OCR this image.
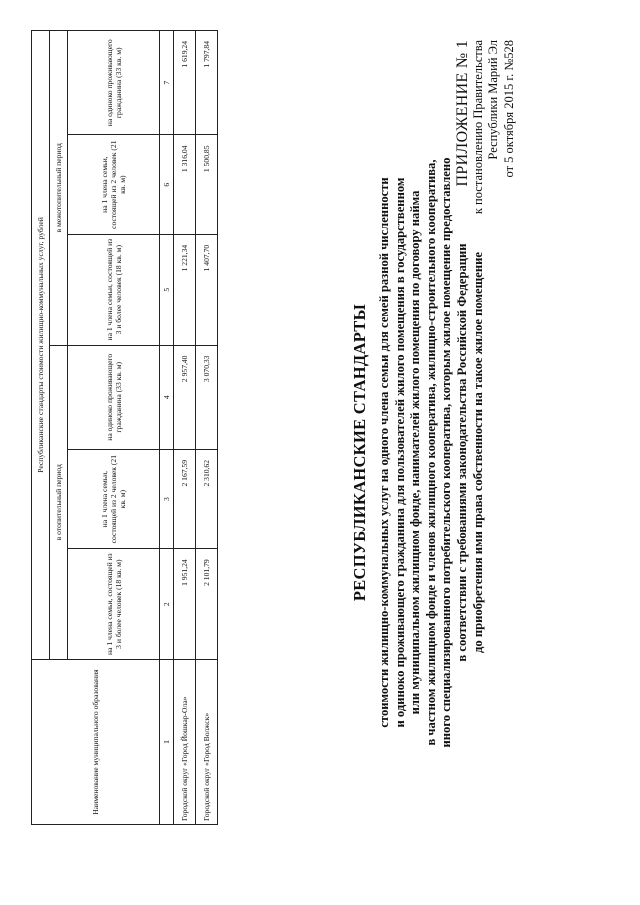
ПРИЛОЖЕНИЕ № 1 к постановлению Правительства Республики Марий Эл от 5 октября 2015 г. №528
РЕСПУБЛИКАНСКИЕ СТАНДАРТЫ стоимости жилищно-коммунальных услуг на одного члена семьи для семей разной численности и одиноко проживающего гражданина для пользователей жилого помещения в государственном или муниципальном жилищном фонде, нанимателей жилого помещения по договору найма в частном жилищном фонде и членов жилищного кооператива, жилищно-строительного кооператива, иного специализированного потребительского кооператива, которым жилое помещение предоставлено в соответствии с требованиями законодательства Российской Федерации до приобретения ими права собственности на такое жилое помещение
Наименование муниципального образования	Республиканские стандарты стоимости жилищно-коммунальных услуг, рублей					
	в отопительный период			в межотопительный период		
	на 1 члена семьи, состоящей из 3 и более человек (18 кв. м)	на 1 члена семьи, состоящей из 2 человек (21 кв. м)	на одиноко проживающего гражданина (33 кв. м)	на 1 члена семьи, состоящей из 3 и более человек (18 кв. м)	на 1 члена семьи, состоящей из 2 человек (21 кв. м)	на одиноко проживающего гражданина (33 кв. м)
1	2	3	4	5	6	7
Городской округ «Город Йошкар-Ола»	1 951,24	2 167,59	2 957,40	1 221,34	1 316,04	1 619,24
Городской округ «Город Волжск»	2 101,79	2 310,62	3 070,33	1 407,70	1 500,85	1 797,84
